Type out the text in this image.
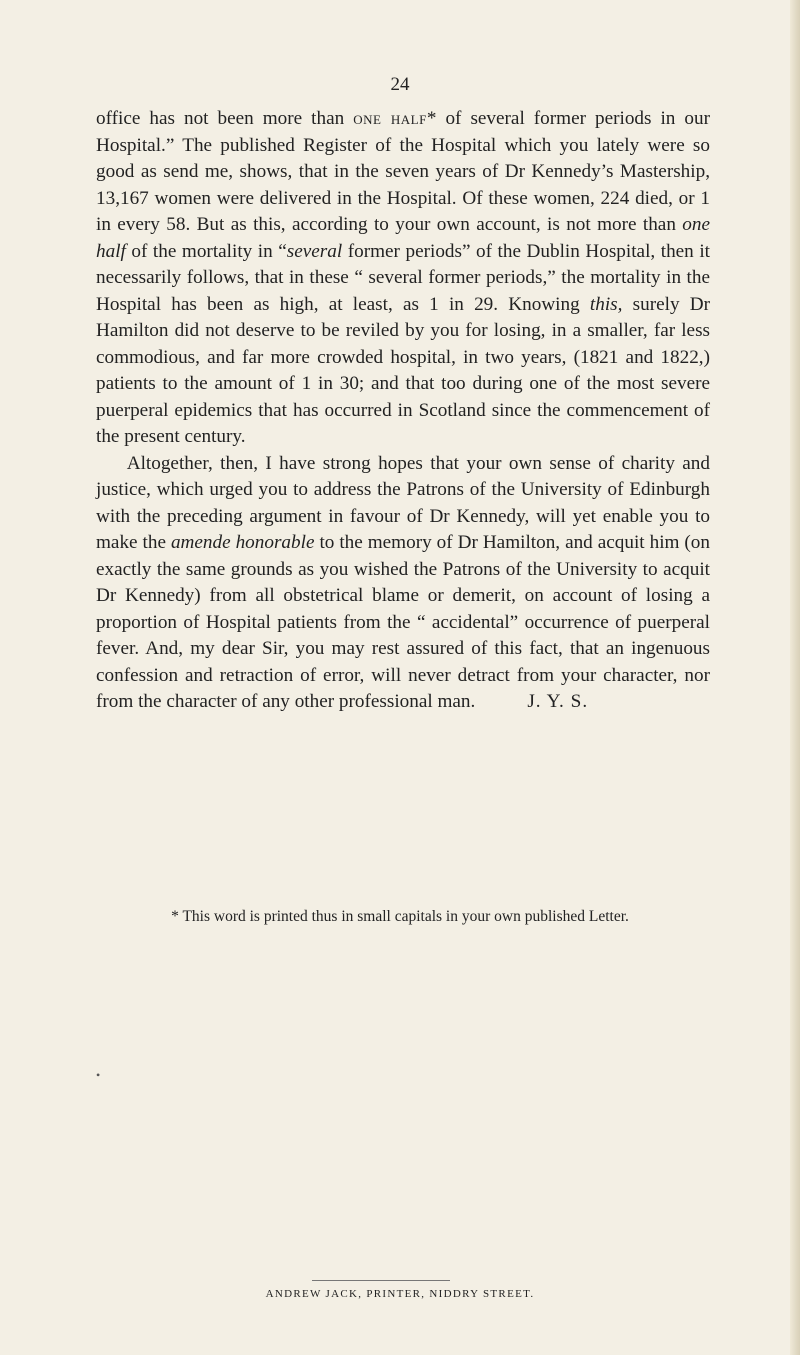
24

office has not been more than one half* of several former periods in our Hospital.” The published Register of the Hospital which you lately were so good as send me, shows, that in the seven years of Dr Kennedy’s Mastership, 13,167 women were delivered in the Hospital. Of these women, 224 died, or 1 in every 58. But as this, according to your own account, is not more than one half of the mortality in “several former periods” of the Dublin Hospital, then it necessarily follows, that in these “ several former periods,” the mortality in the Hospital has been as high, at least, as 1 in 29. Knowing this, surely Dr Hamilton did not deserve to be reviled by you for losing, in a smaller, far less commodious, and far more crowded hospital, in two years, (1821 and 1822,) patients to the amount of 1 in 30; and that too during one of the most severe puerperal epidemics that has occurred in Scotland since the commencement of the present century.

Altogether, then, I have strong hopes that your own sense of charity and justice, which urged you to address the Patrons of the University of Edinburgh with the preceding argument in favour of Dr Kennedy, will yet enable you to make the amende honorable to the memory of Dr Hamilton, and acquit him (on exactly the same grounds as you wished the Patrons of the University to acquit Dr Kennedy) from all obstetrical blame or demerit, on account of losing a proportion of Hospital patients from the “ accidental” occurrence of puerperal fever. And, my dear Sir, you may rest assured of this fact, that an ingenuous confession and retraction of error, will never detract from your character, nor from the character of any other professional man.	J. Y. S.

* This word is printed thus in small capitals in your own published Letter.
•
ANDREW JACK, PRINTER, NIDDRY STREET.
